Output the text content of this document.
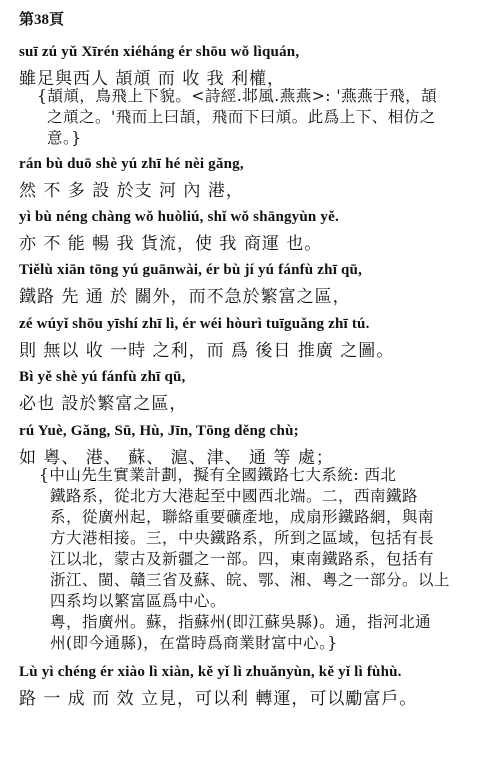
第38頁
suī zú yǔ Xīrén xiéháng ér shōu wǒ lìquán,
雖足與西人 頡頏 而 收 我 利權，
{頡頏，鳥飛上下貌。<詩經.邶風.燕燕>: '燕燕于飛，頡
之頏之。'飛而上曰頡，飛而下曰頏。此爲上下、相仿之
意。}
rán bù duō shè yú zhī hé nèi gǎng,
然 不 多 設 於支 河 內 港，
yì bù néng chàng wǒ huòliú, shǐ wǒ shāngyùn yě.
亦 不 能 暢 我 貨流，使 我 商運 也。
Tiělù xiān tōng yú guānwài, ér bù jí yú fánfù zhī qū,
鐵路 先 通 於 關外，而不急於繁富之區，
zé wúyǐ shōu yīshí zhī lì, ér wéi hòurì tuīguǎng zhī tú.
則 無以 收 一時 之利，而 爲 後日 推廣 之圖。
Bì yě shè yú fánfù zhī qū,
必也 設於繁富之區，
rú Yuè, Gǎng, Sū, Hù, Jīn, Tōng děng chù;
如 粵、 港、 蘇、 滬、津、 通 等 處；
{中山先生實業計劃，擬有全國鐵路七大系統: 西北
鐵路系，從北方大港起至中國西北端。二，西南鐵路
系，從廣州起，聯絡重要礦產地，成扇形鐵路網，與南
方大港相接。三，中央鐵路系，所到之區域，包括有長
江以北，蒙古及新疆之一部。四，東南鐵路系，包括有
浙江、閩、贛三省及蘇、皖、鄂、湘、粵之一部分。以上
四系均以繁富區爲中心。
粵，指廣州。蘇，指蘇州(即江蘇吳縣)。通，指河北通
州(即今通縣)，在當時爲商業財富中心。}
Lù yì chéng ér xiào lì xiàn, kě yǐ lì zhuǎnyùn, kě yǐ lì fùhù.
路 一 成 而 效 立見，可以利 轉運，可以勵富戶。
